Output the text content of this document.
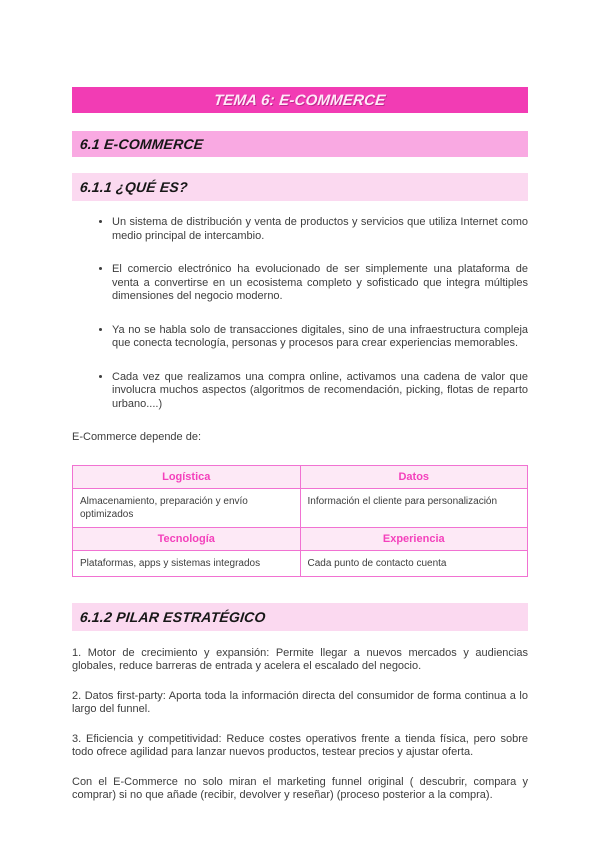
TEMA 6: E-COMMERCE
6.1 E-COMMERCE
6.1.1 ¿QUÉ ES?
• Un sistema de distribución y venta de productos y servicios que utiliza Internet como medio principal de intercambio.
• El comercio electrónico ha evolucionado de ser simplemente una plataforma de venta a convertirse en un ecosistema completo y sofisticado que integra múltiples dimensiones del negocio moderno.
• Ya no se habla solo de transacciones digitales, sino de una infraestructura compleja que conecta tecnología, personas y procesos para crear experiencias memorables.
• Cada vez que realizamos una compra online, activamos una cadena de valor que involucra muchos aspectos (algoritmos de recomendación, picking, flotas de reparto urbano....)

E-Commerce depende de:

Logística	Datos
Almacenamiento, preparación y envío optimizados	Información el cliente para personalización
Tecnología	Experiencia
Plataformas, apps y sistemas integrados	Cada punto de contacto cuenta
6.1.2 PILAR ESTRATÉGICO

1. Motor de crecimiento y expansión: Permite llegar a nuevos mercados y audiencias globales, reduce barreras de entrada y acelera el escalado del negocio.

2. Datos first-party: Aporta toda la información directa del consumidor de forma continua a lo largo del funnel.

3. Eficiencia y competitividad: Reduce costes operativos frente a tienda física, pero sobre todo ofrece agilidad para lanzar nuevos productos, testear precios y ajustar oferta.

Con el E-Commerce no solo miran el marketing funnel original ( descubrir, compara y comprar) si no que añade (recibir, devolver y reseñar) (proceso posterior a la compra).
